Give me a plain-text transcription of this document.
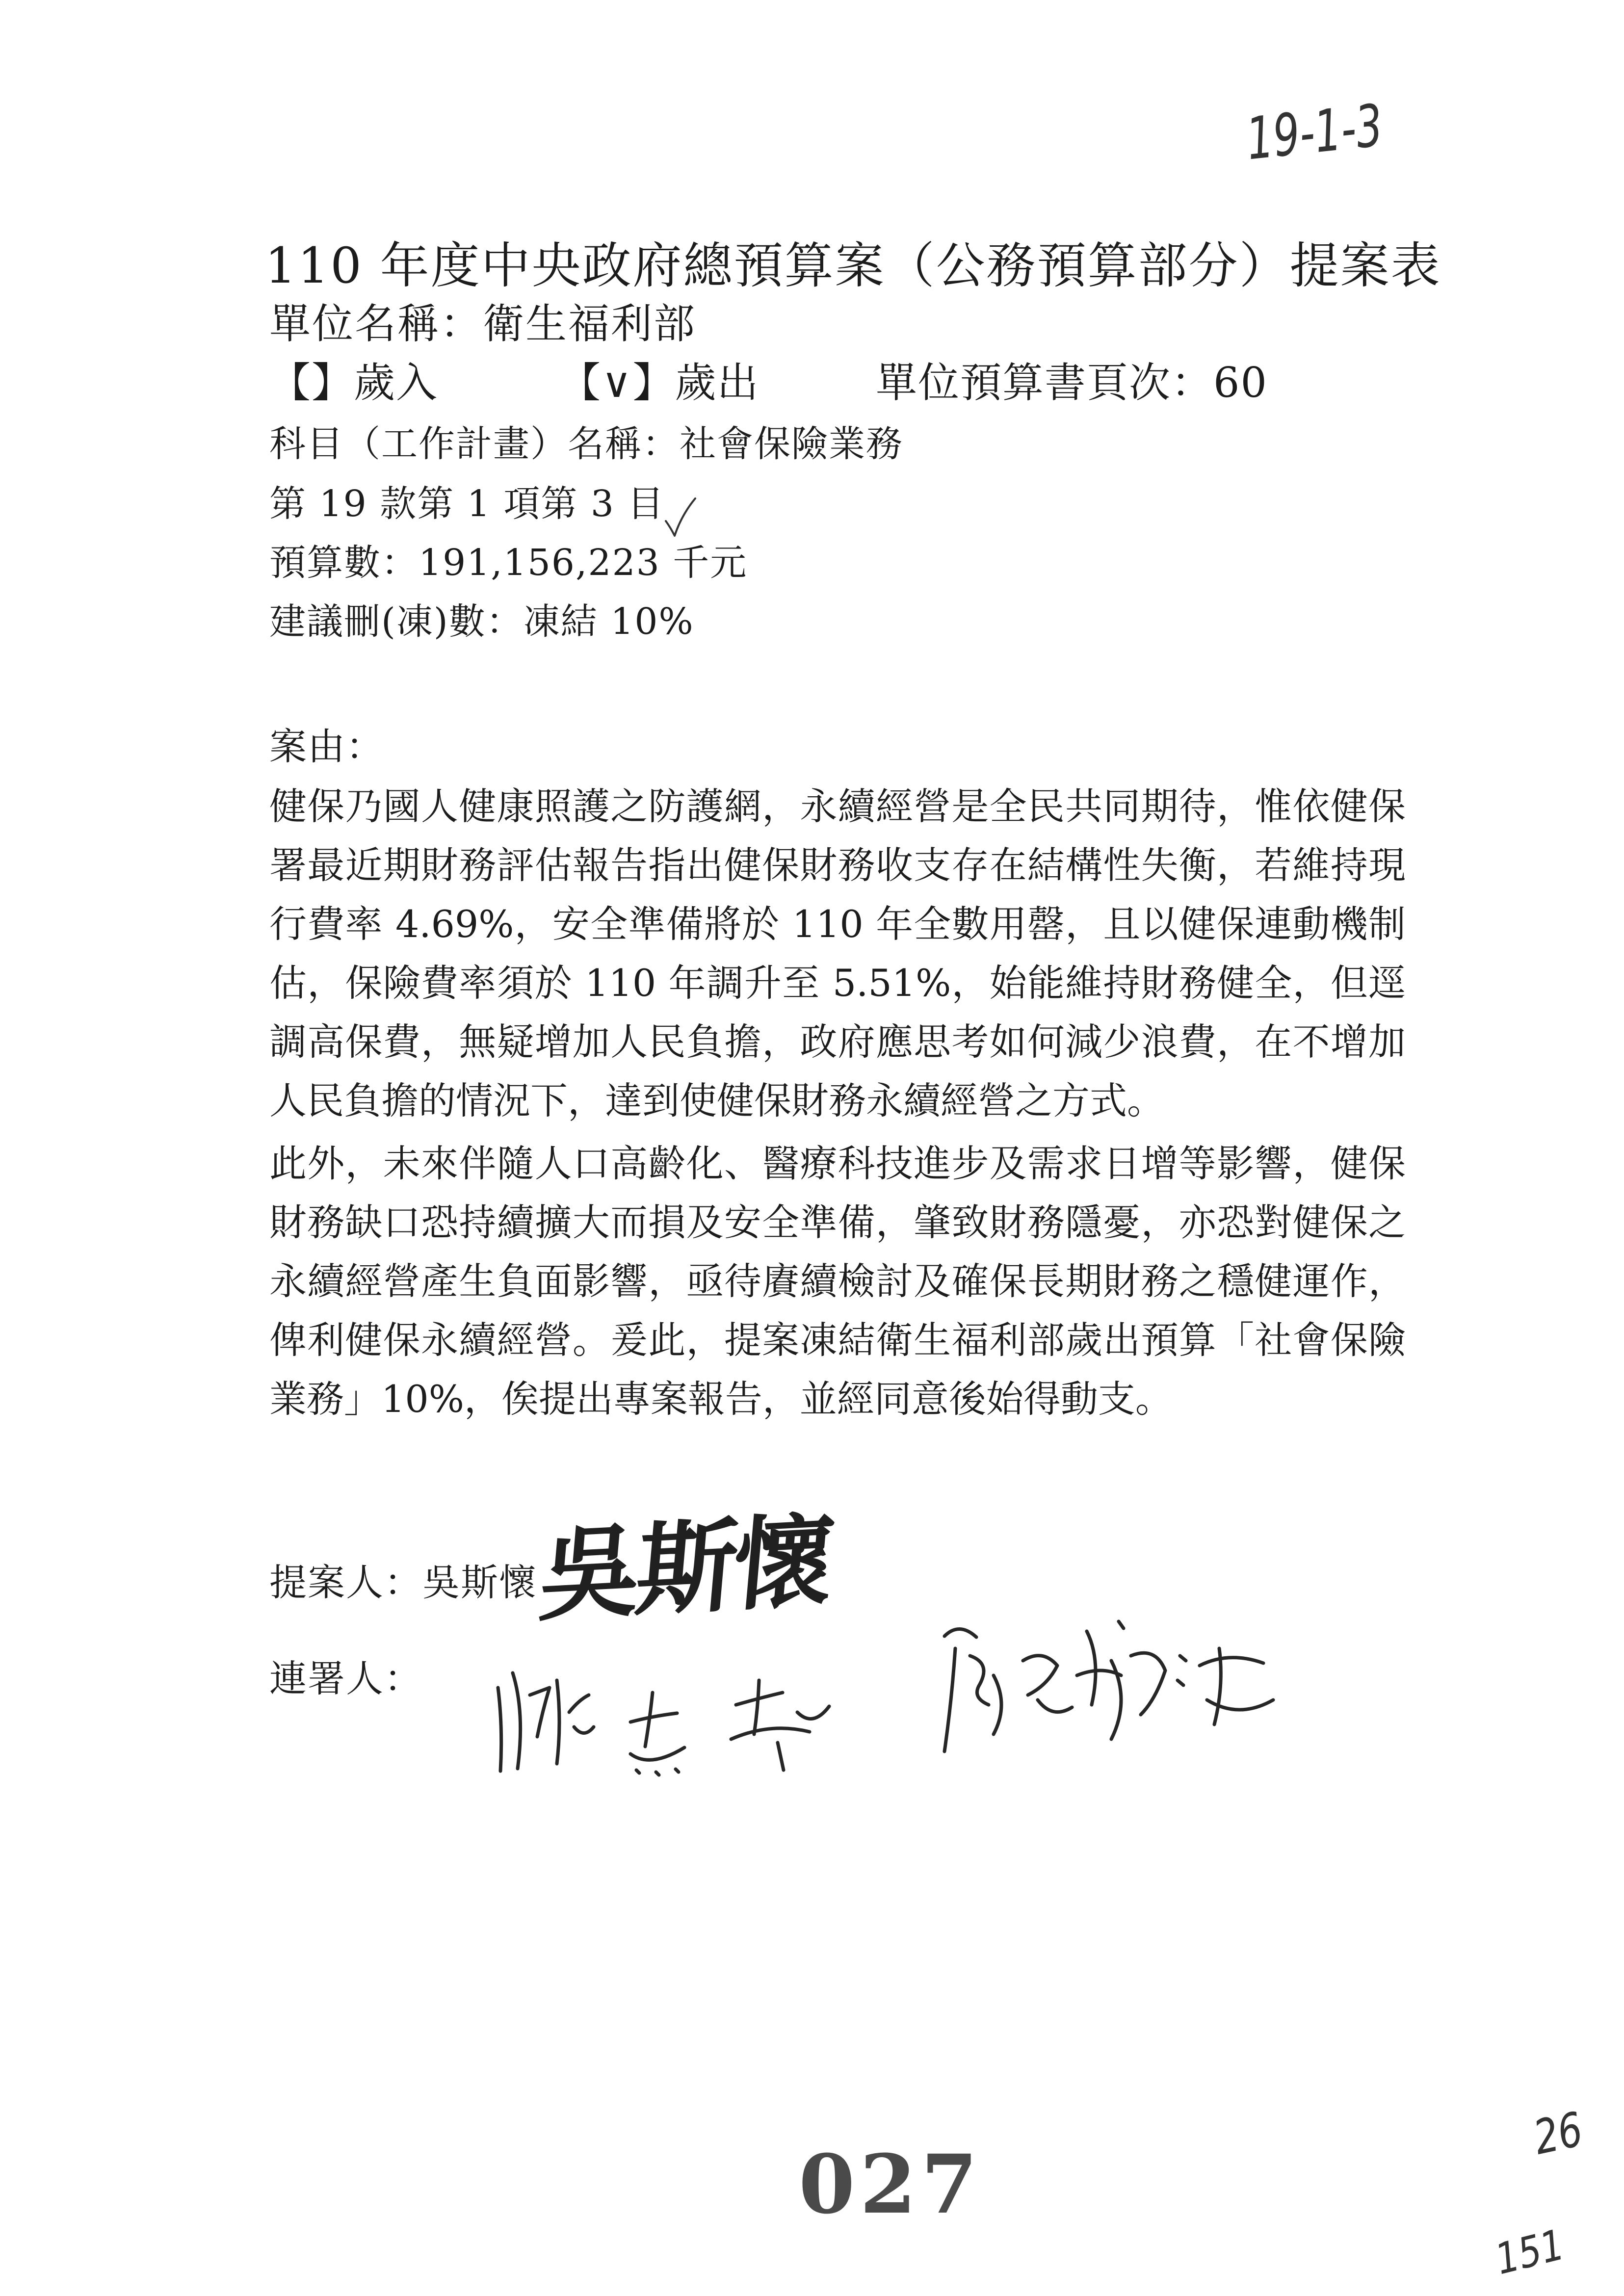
19-1-3
110 年度中央政府總預算案（公務預算部分）提案表
單位名稱：衛生福利部
【】歲入	【∨】歲出	單位預算書頁次：60
科目（工作計畫）名稱：社會保險業務
第 19 款第 1 項第 3 目
預算數：191,156,223 千元
建議刪(凍)數：凍結 10%
案由：
健保乃國人健康照護之防護網，永續經營是全民共同期待，惟依健保
署最近期財務評估報告指出健保財務收支存在結構性失衡，若維持現
行費率 4.69%，安全準備將於 110 年全數用罄，且以健保連動機制
估，保險費率須於 110 年調升至 5.51%，始能維持財務健全，但逕
調高保費，無疑增加人民負擔，政府應思考如何減少浪費，在不增加
人民負擔的情況下，達到使健保財務永續經營之方式。
此外，未來伴隨人口高齡化、醫療科技進步及需求日增等影響，健保
財務缺口恐持續擴大而損及安全準備，肇致財務隱憂，亦恐對健保之
永續經營產生負面影響，亟待賡續檢討及確保長期財務之穩健運作，
俾利健保永續經營。爰此，提案凍結衛生福利部歲出預算「社會保險
業務」10%，俟提出專案報告，並經同意後始得動支。
提案人：吳斯懷
吳斯懷
連署人：
027
26
151
